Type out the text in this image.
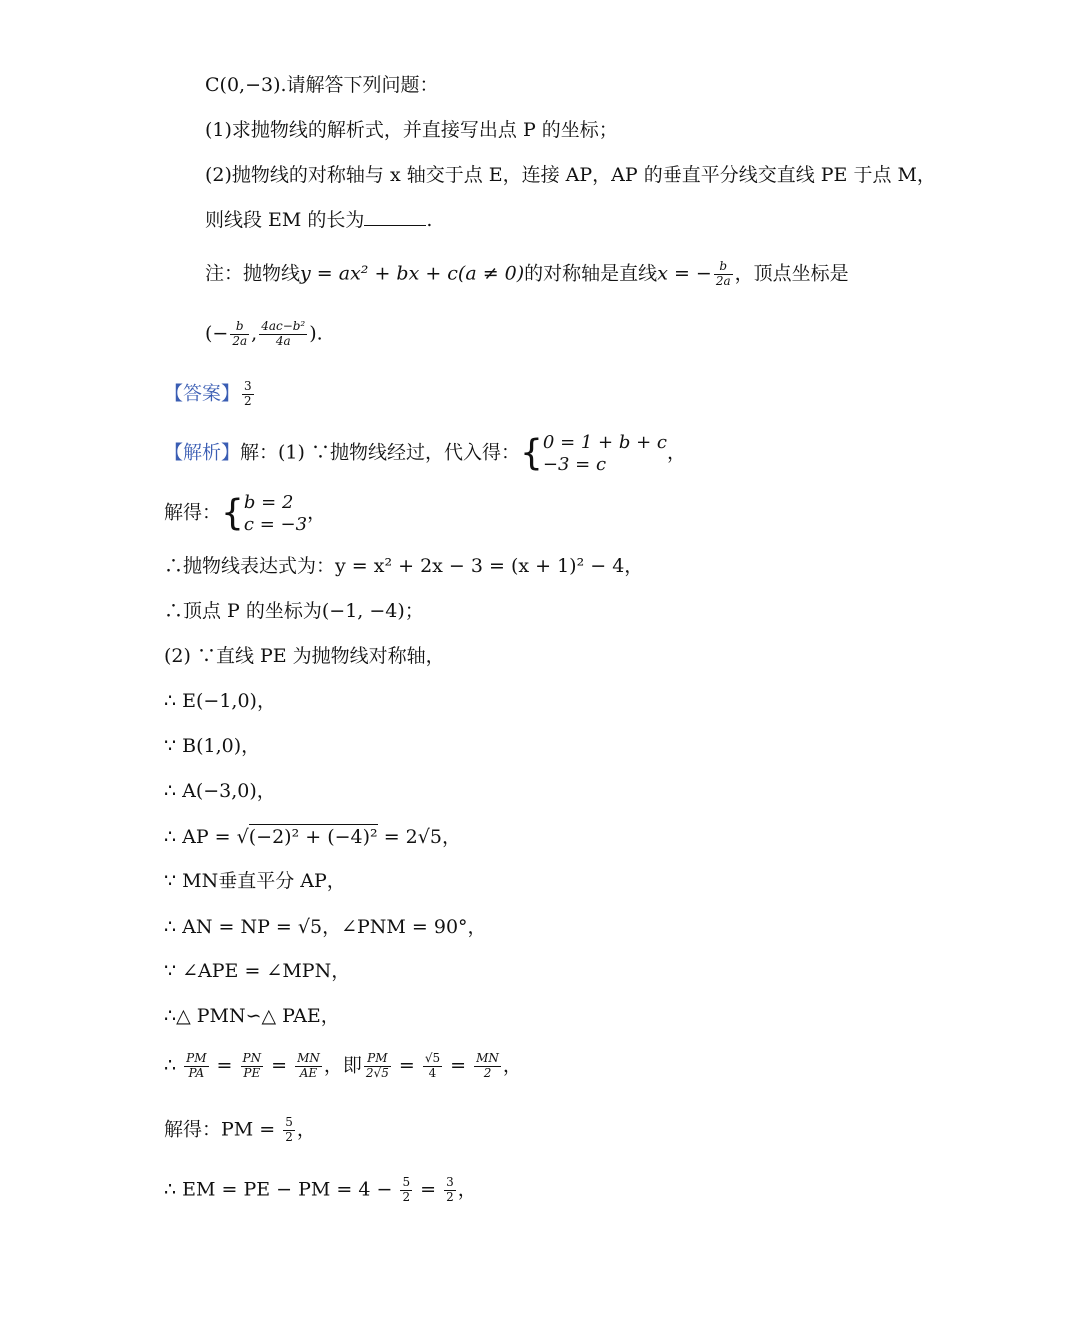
C(0,−3).请解答下列问题：
(1)求抛物线的解析式，并直接写出点 P 的坐标；
(2)抛物线的对称轴与 x 轴交于点 E，连接 AP，AP 的垂直平分线交直线 PE 于点 M，
则线段 EM 的长为	.
注：抛物线y = ax² + bx + c(a ≠ 0)的对称轴是直线x = − $\frac{b}{2a}$ ，顶点坐标是
(− $\frac{b}{2a}$ , $\frac{\text{4ac−b²}}{4a}$ ).
【答案】 $\frac{3}{2}$
【解析】解：(1) ∵抛物线经过，代入得：{ 0 = 1 + b + c
−3 = c
，
解得：{ b = 2
c = −3
，
∴抛物线表达式为：y = x² + 2x − 3 = (x + 1)² − 4，
∴顶点 P 的坐标为(−1, −4)；
(2) ∵直线 PE 为抛物线对称轴，
∴ E(−1,0)，
∵ B(1,0)，
∴ A(−3,0)，
∴ AP = √(−2)² + (−4)² = 2√5，
∵ MN垂直平分 AP，
∴ AN = NP = √5，∠PNM = 90°，
∵ ∠APE = ∠MPN，
∴△ PMN∽△ PAE，
∴ $\frac{PM}{PA} = \frac{PN}{PE} = \frac{MN}{AE}$ ，即 $\frac{PM}{2√5} = \frac{√5}{4} = \frac{MN}{2}$ ，
解得：PM = $\frac{5}{2}$ ，
∴ EM = PE − PM = $4 - \frac{5}{2} = \frac{3}{2}$ ，
